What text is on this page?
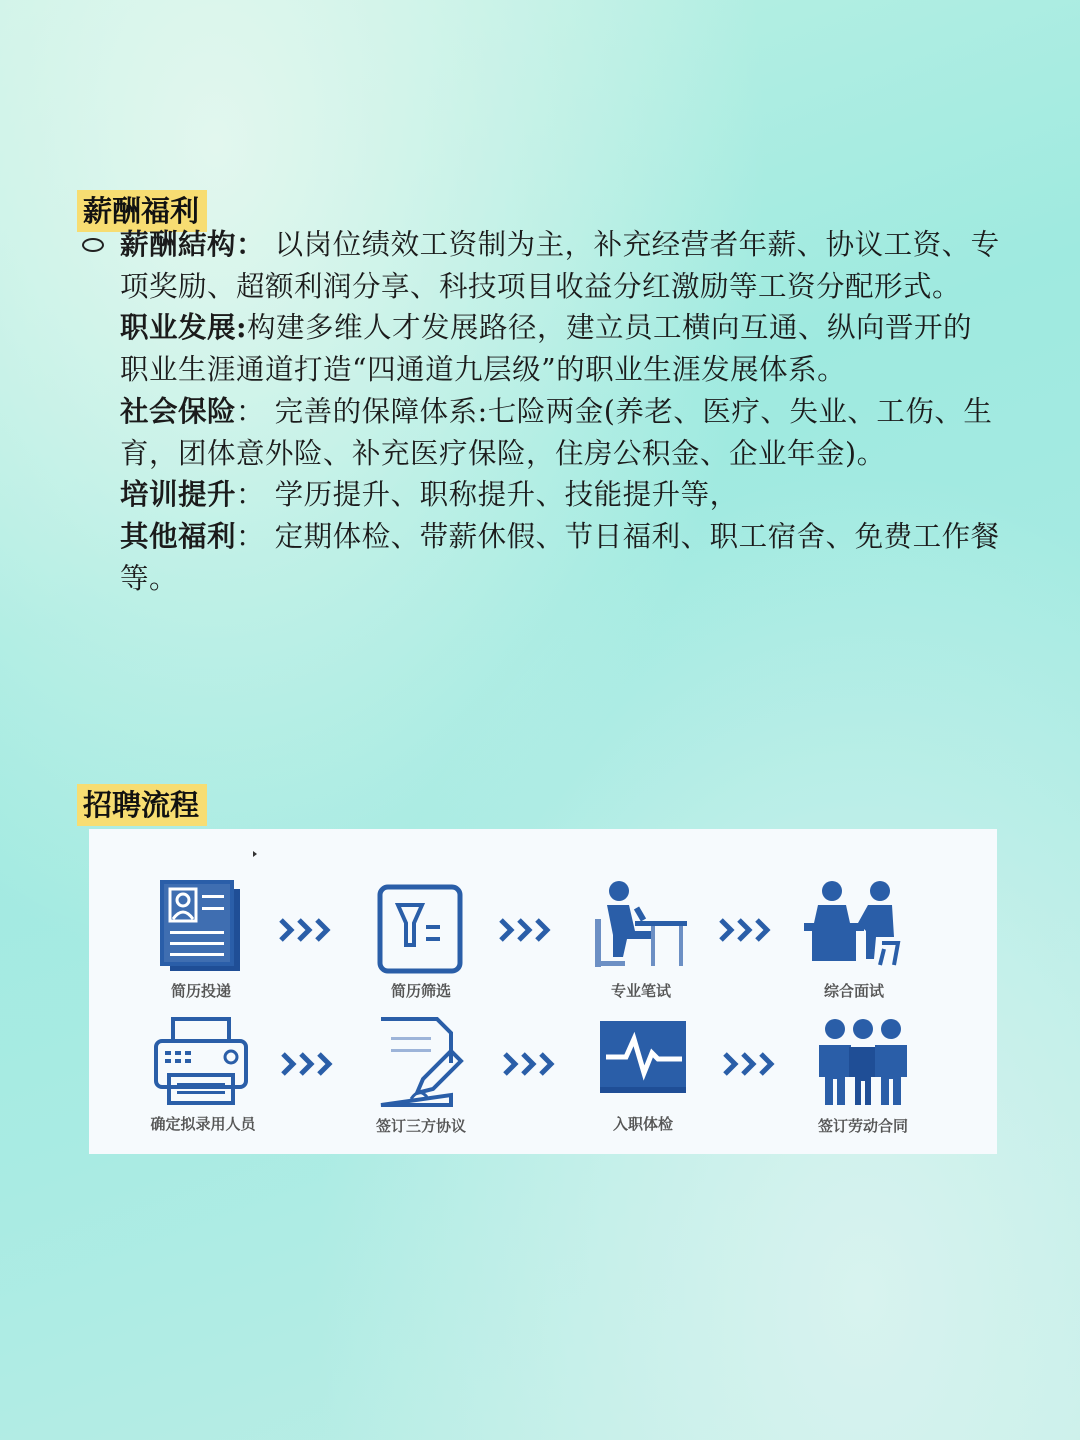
薪酬福利

薪酬結构： 以岗位绩效工资制为主，补充经营者年薪、协议工资、专项奖励、超额利润分享、科技项目收益分红激励等工资分配形式。

职业发展:构建多维人才发展路径，建立员工横向互通、纵向晋开的职业生涯通道打造“四通道九层级”的职业生涯发展体系。

社会保险： 完善的保障体系:七险两金(养老、医疗、失业、工伤、生育，团体意外险、补充医疗保险，住房公积金、企业年金)。

培训提升： 学历提升、职称提升、技能提升等，

其他福利： 定期体检、带薪休假、节日福利、职工宿舍、免费工作餐等。

招聘流程
简历投递	简历筛选	专业笔试	综合面试
确定拟录用人员	签订三方协议	入职体检	签订劳动合同
